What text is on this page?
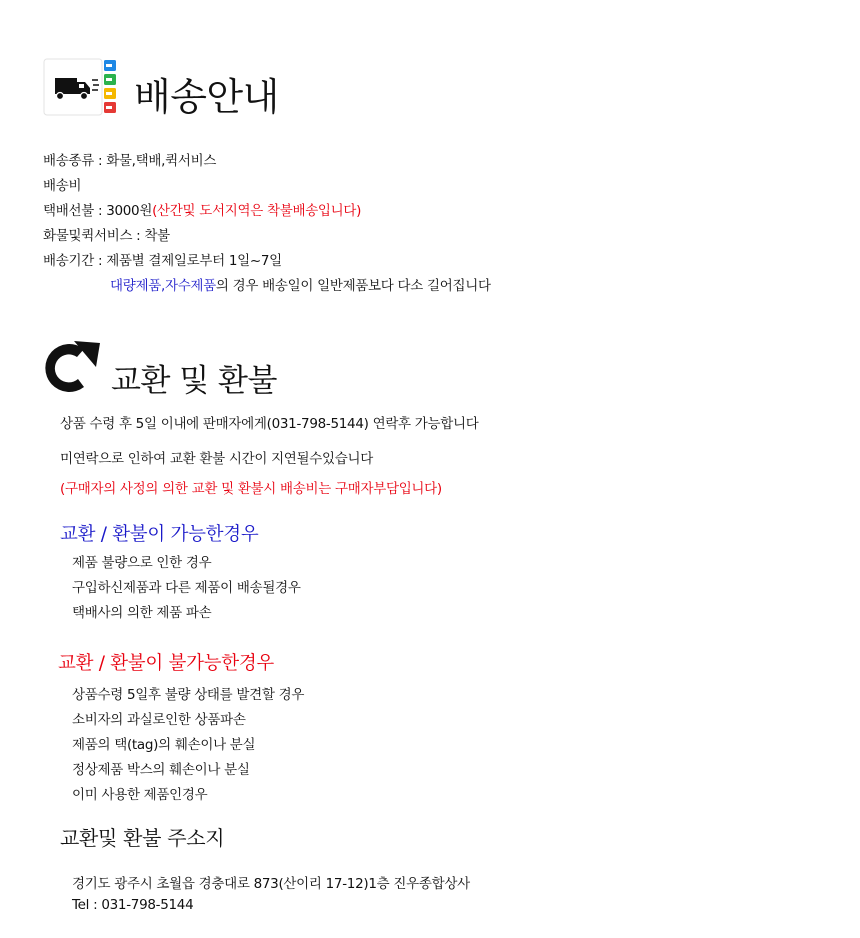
배송안내
배송종류 : 화물,택배,퀵서비스
배송비
택배선불 : 3000원(산간및 도서지역은 착불배송입니다)
화물및퀵서비스 : 착불
배송기간 : 제품별 결제일로부터 1일~7일
대량제품,자수제품의 경우 배송일이 일반제품보다 다소 길어집니다
교환 및 환불
상품 수령 후 5일 이내에 판매자에게(031-798-5144) 연락후 가능합니다
미연락으로 인하여 교환 환불 시간이 지연될수있습니다
(구매자의 사정의 의한 교환 및 환불시 배송비는 구매자부담입니다)
교환 / 환불이 가능한경우
제품 불량으로 인한 경우
구입하신제품과 다른 제품이 배송될경우
택배사의 의한 제품 파손
교환 / 환불이 불가능한경우
상품수령 5일후 불량 상태를 발견할 경우
소비자의 과실로인한 상품파손
제품의 택(tag)의 훼손이나 분실
정상제품 박스의 훼손이나 분실
이미 사용한 제품인경우
교환및 환불 주소지
경기도 광주시 초월읍 경충대로 873(산이리 17-12)1층 진우종합상사
Tel : 031-798-5144
